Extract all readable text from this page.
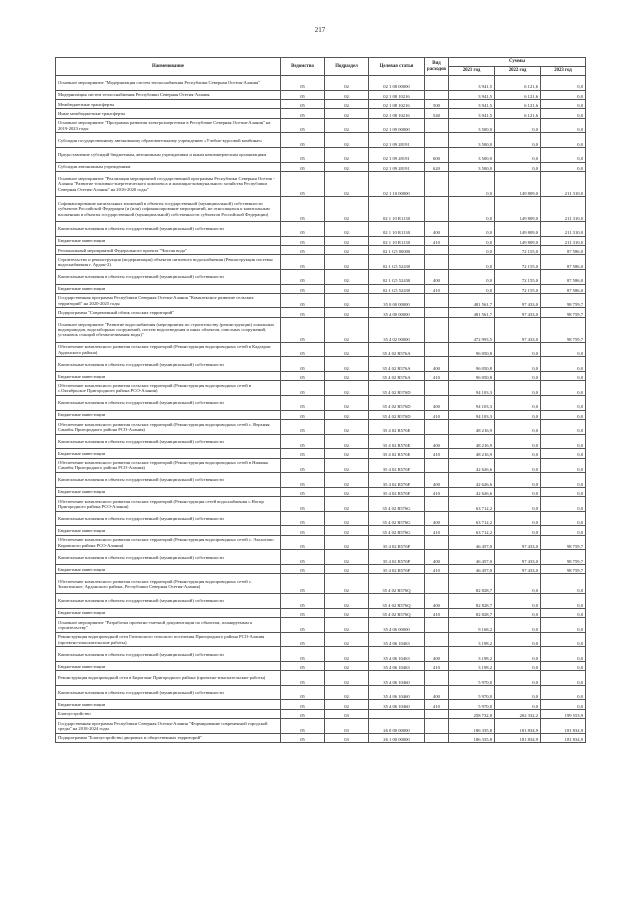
217
Наименование	Ведомство	Подраздел	Целевая статья	Вид расходов	Суммы		
					2021 год	2022 год	2023 год
Основное мероприятие "Модернизация систем теплоснабжения Республики Северная Осетия-Алания"	05	02	02 1 08 00000		3 941,5	6 121,6	0,0
Модернизация систем теплоснабжения Республики Северная Осетия-Алания	05	02	02 1 08 10216		3 941,5	6 121,6	0,0
Межбюджетные трансферты	05	02	02 1 08 10216	500	3 941,5	6 121,6	0,0
Иные межбюджетные трансферты	05	02	02 1 08 10216	540	3 941,5	6 121,6	0,0
Основное мероприятие "Программа развития электроэнергетики в Республике Северная Осетия-Алания" на 2019-2023 годы	05	02	02 1 09 00000		3 500,0	0,0	0,0
Субсидия государственному автономному образовательному учреждению «Учебно-курсовой комбинат»	05	02	02 1 09 28191		3 500,0	0,0	0,0
Предоставление субсидий бюджетным, автономным учреждениям и иным некоммерческим организациям	05	02	02 1 09 28191	600	3 500,0	0,0	0,0
Субсидии автономным учреждениям	05	02	02 1 09 28191	620	3 500,0	0,0	0,0
Основное мероприятие "Реализация мероприятий государственной программы Республики Северная Осетия - Алания "Развитие топливно-энергетического комплекса и жилищно-коммунального хозяйства Республики Северная Осетия-Алания" на 2016-2020 годы"	05	02	02 1 10 00000		0,0	149 809,0	211 310,0
Софинансирование капитальных вложений в объекты государственной (муниципальной) собственности субъектов Российской Федерации (и (или) софинансирование мероприятий, не относящихся к капитальным вложениям в объекты государственной (муниципальной) собственности субъектов Российской Федерации)	05	02	02 1 10 R1130		0,0	149 809,0	211 310,0
Капитальные вложения в объекты государственной (муниципальной) собственности	05	02	02 1 10 R1130	400	0,0	149 809,0	211 310,0
Бюджетные инвестиции	05	02	02 1 10 R1130	410	0,0	149 809,0	211 310,0
Региональный мероприятий Федерального проекта "Чистая вода"	05	02	02 1 G5 00000		0,0	72 155,0	87 586,0
Строительство и реконструкция (модернизация) объектов питьевого водоснабжения (Реконструкция системы водоснабжения г. Ардон-2)	05	02	02 1 G5 52430		0,0	72 155,0	87 586,0
Капитальные вложения в объекты государственной (муниципальной) собственности	05	02	02 1 G5 52430	400	0,0	72 155,0	87 586,0
Бюджетные инвестиции	05	02	02 1 G5 52430	410	0,0	72 155,0	87 586,0
Государственная программа Республики Северная Осетия-Алания "Комплексное развитие сельских территорий" на 2020-2025 годы	05	02	35 0 00 00000		481 561,7	97 433,0	98 759,7
Подпрограмма "Современный облик сельских территорий"	05	02	35 4 00 00000		481 561,7	97 433,0	98 759,7
Основное мероприятие "Развитие водоснабжения (мероприятия по строительству (реконструкции) локальных водопроводов, водозаборных сооружений, систем водоотведения и иных объектов, очистных сооружений, установок станций обезжелезивания воды)"	05	02	35 4 02 00000		472 993,5	97 433,0	98 759,7
Обеспечение комплексного развития сельских территорий (Реконструкция водопроводных сетей в Кадгарон Ардонского района)	05	02	35 4 02 R576A		96 050,8	0,0	0,0
Капитальные вложения в объекты государственной (муниципальной) собственности	05	02	35 4 02 R576A	400	96 050,8	0,0	0,0
Бюджетные инвестиции	05	02	35 4 02 R576A	410	96 050,8	0,0	0,0
Обеспечение комплексного развития сельских территорий (Реконструкция водопроводных сетей в с.Октябрьское Пригородного района РСО-Алания)	05	02	35 4 02 R576D		94 103,3	0,0	0,0
Капитальные вложения в объекты государственной (муниципальной) собственности	05	02	35 4 02 R576D	400	94 103,3	0,0	0,0
Бюджетные инвестиции	05	02	35 4 02 R576D	410	94 103,3	0,0	0,0
Обеспечение комплексного развития сельских территорий (Реконструкция водопроводных сетей с. Верхняя Санибы Пригородного района РСО-Алания)	05	02	35 4 02 R576E		48 216,9	0,0	0,0
Капитальные вложения в объекты государственной (муниципальной) собственности	05	02	35 4 02 R576E	400	48 216,9	0,0	0,0
Бюджетные инвестиции	05	02	35 4 02 R576E	410	48 216,9	0,0	0,0
Обеспечение комплексного развития сельских территорий (Реконструкция водопроводных сетей в Нижняя Санибы Пригородного района РСО-Алания)	05	02	35 4 02 R576F		42 626,6	0,0	0,0
Капитальные вложения в объекты государственной (муниципальной) собственности	05	02	35 4 02 R576F	400	42 626,6	0,0	0,0
Бюджетные инвестиции	05	02	35 4 02 R576F	410	42 626,6	0,0	0,0
Обеспечение комплексного развития сельских территорий (Реконструкция сетей водоснабжения с.Ногир Пригородного района РСО-Алания)	05	02	35 4 02 R576G		63 712,2	0,0	0,0
Капитальные вложения в объекты государственной (муниципальной) собственности	05	02	35 4 02 R576G	400	63 712,2	0,0	0,0
Бюджетные инвестиции	05	02	35 4 02 R576G	410	63 712,2	0,0	0,0
Обеспечение комплексного развития сельских территорий (Реконструкция водопроводных сетей с. Эльхотово Кировского района РСО-Алания)	05	02	35 4 02 R576P		46 457,0	97 433,0	98 759,7
Капитальные вложения в объекты государственной (муниципальной) собственности	05	02	35 4 02 R576P	400	46 457,0	97 433,0	98 759,7
Бюджетные инвестиции	05	02	35 4 02 R576P	410	46 457,0	97 433,0	98 759,7
Обеспечение комплексного развития сельских территорий (Реконструкция водопроводных сетей с. Зильгинское, Ардонского района, Республики Северная Осетия-Алания)	05	02	35 4 02 R576Q		82 828,7	0,0	0,0
Капитальные вложения в объекты государственной (муниципальной) собственности	05	02	35 4 02 R576Q	400	82 828,7	0,0	0,0
Бюджетные инвестиции	05	02	35 4 02 R576Q	410	82 828,7	0,0	0,0
Основное мероприятие "Разработка проектно-сметной документации по объектам, планируемым к строительству"	05	02	35 4 06 00000		9 168,2	0,0	0,0
Реконструкция водопроводной сети Гизельского сельского поселения Пригородного района РСО-Алания (проектно-изыскательские работы)	05	02	35 4 06 10463		3 198,2	0,0	0,0
Капитальные вложения в объекты государственной (муниципальной) собственности	05	02	35 4 06 10463	400	3 198,2	0,0	0,0
Бюджетные инвестиции	05	02	35 4 06 10463	410	3 198,2	0,0	0,0
Реконструкция водопроводной сети в Бирагзанг Пригородного района (проектно-изыскательские работы)	05	02	35 4 06 10460		5 970,0	0,0	0,0
Капитальные вложения в объекты государственной (муниципальной) собственности	05	02	35 4 06 10460	400	5 970,0	0,0	0,0
Бюджетные инвестиции	05	02	35 4 06 10460	410	5 970,0	0,0	0,0
Благоустройство	05	03			258 732,8	202 332,2	199 553,9
Государственная программа Республики Северная Осетия-Алания "Формирование современной городской среды" на 2018-2024 годы	05	03	26 0 00 00000		186 335,8	181 834,9	181 834,9
Подпрограмма "Благоустройство дворовых и общественных территорий"	05	03	26 1 00 00000		186 335,8	181 834,9	181 834,9
